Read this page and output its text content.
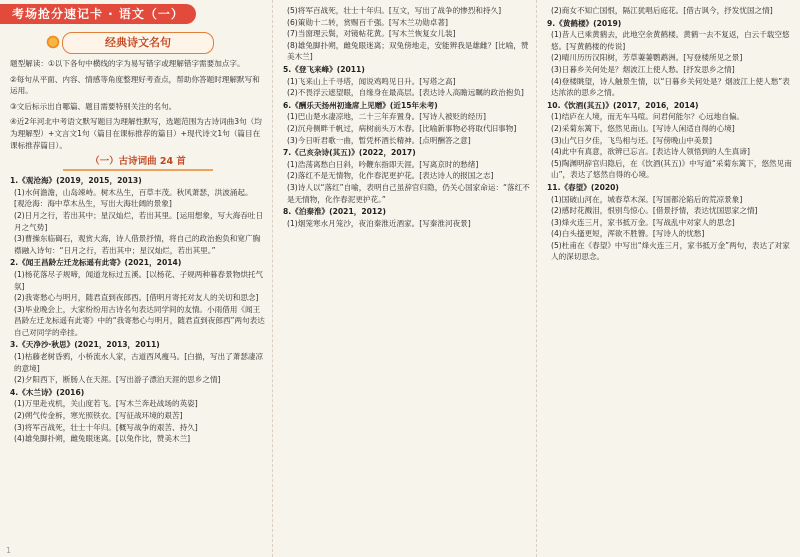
考场抢分速记卡 · 语文（一）
经典诗文名句
题型解读：①以下各句中横线的字为易写错字或理解错字需要加点字。
②每句从平面、内容、情感等角度整理好考查点，帮助你答题时理解默写和运用。
③文后标示出自哪篇、题目需要特别关注的名句。
④近2年河北中考语文默写题目为理解性默写，选题范围为古诗词曲3句（均为理解型）+文言文1句（篇目在课标推荐的篇目）+现代诗文1句（篇目在课标推荐篇目）。
（一）古诗词曲 24 首
1.《观沧海》(2019，2015，2013)
(1)水何澹澹，山岛竦峙。树木丛生，百草丰茂。秋风萧瑟，洪波涌起。
[观沧海：海中草木丛生，写出大海壮阔的景象]
(2)日月之行，若出其中；星汉灿烂，若出其里。[运用想象，写大海吞吐日月之气势]
(3)曹操东临碣石，观赏大海，诗人借景抒情，将自己的政治抱负和宽广胸襟融入诗句：“日月之行，若出其中；星汉灿烂，若出其里。”
2.《闻王昌龄左迁龙标遥有此寄》(2021，2014)
(1)杨花落尽子规啼，闻道龙标过五溪。[以杨花、子规两种暮春景物烘托气氛]
(2)我寄愁心与明月，随君直到夜郎西。[借明月寄托对友人的关切和思念]
(3)毕业晚会上，大家纷纷用古诗名句表达同学间的友情。小雨借用《闻王昌龄左迁龙标遥有此寄》中的“我寄愁心与明月，随君直到夜郎西”两句表达自己对同学的牵挂。
3.《天净沙·秋思》(2021，2013，2011)
(1)枯藤老树昏鸦，小桥流水人家，古道西风瘦马。[白描，写出了萧瑟凄凉的意境]
(2)夕阳西下，断肠人在天涯。[写出游子漂泊天涯的思乡之情]
4.《木兰诗》(2016)
(1)万里赴戎机，关山度若飞。[写木兰奔赴战场的英姿]
(2)朔气传金柝，寒光照铁衣。[写征战环境的艰苦]
(3)将军百战死，壮士十年归。[概写战争的艰苦、持久]
(4)雄兔脚扑朔，雌兔眼迷离。[以兔作比，赞美木兰]
(5)将军百战死，壮士十年归。[互文，写出了战争的惨烈和持久]
(6)策勋十二转，赏赐百千强。[写木兰功勋卓著]
(7)当窗理云鬓，对镜帖花黄。[写木兰恢复女儿装]
(8)雄兔脚扑朔，雌兔眼迷离；双兔傍地走，安能辨我是雄雌？[比喻，赞美木兰]
5.《登飞来峰》(2011)
(1)飞来山上千寻塔，闻说鸡鸣见日升。[写塔之高]
(2)不畏浮云遮望眼，自缘身在最高层。[表达诗人高瞻远瞩的政治抱负]
6.《酬乐天扬州初逢席上见赠》(近15年未考)
(1)巴山楚水凄凉地，二十三年弃置身。[写诗人被贬的经历]
(2)沉舟侧畔千帆过，病树前头万木春。[比喻新事物必将取代旧事物]
(3)今日听君歌一曲，暂凭杯酒长精神。[点明酬答之意]
7.《己亥杂诗(其五)》(2022，2017)
(1)浩荡离愁白日斜，吟鞭东指即天涯。[写离京时的愁绪]
(2)落红不是无情物，化作春泥更护花。[表达诗人的报国之志]
(3)诗人以“落红”自喻，表明自己虽辞官归隐，仍关心国家命运：“落红不是无情物，化作春泥更护花。”
8.《泊秦淮》(2021，2012)
(1)烟笼寒水月笼沙，夜泊秦淮近酒家。[写秦淮河夜景]
(2)商女不知亡国恨，隔江犹唱后庭花。[借古讽今，抒发忧国之情]
9.《黄鹤楼》(2019)
(1)昔人已乘黄鹤去，此地空余黄鹤楼。黄鹤一去不复返，白云千载空悠悠。[写黄鹤楼的传说]
(2)晴川历历汉阳树，芳草萋萋鹦鹉洲。[写登楼所见之景]
(3)日暮乡关何处是？烟波江上使人愁。[抒发思乡之情]
(4)登楼眺望，诗人触景生情，以“日暮乡关何处是？烟波江上使人愁”表达浓浓的思乡之情。
10.《饮酒(其五)》(2017，2016，2014)
(1)结庐在人境，而无车马喧。问君何能尔？心远地自偏。
(2)采菊东篱下，悠然见南山。[写诗人闲适自得的心境]
(3)山气日夕佳，飞鸟相与还。[写傍晚山中美景]
(4)此中有真意，欲辨已忘言。[表达诗人领悟到的人生真谛]
(5)陶渊明辞官归隐后，在《饮酒(其五)》中写道“采菊东篱下，悠然见南山”，表达了悠然自得的心境。
11.《春望》(2020)
(1)国破山河在，城春草木深。[写国都沦陷后的荒凉景象]
(2)感时花溅泪，恨别鸟惊心。[借景抒情，表达忧国思家之情]
(3)烽火连三月，家书抵万金。[写战乱中对家人的思念]
(4)白头搔更短，浑欲不胜簪。[写诗人的忧愁]
(5)杜甫在《春望》中写出“烽火连三月，家书抵万金”两句，表达了对家人的深切思念。
1
